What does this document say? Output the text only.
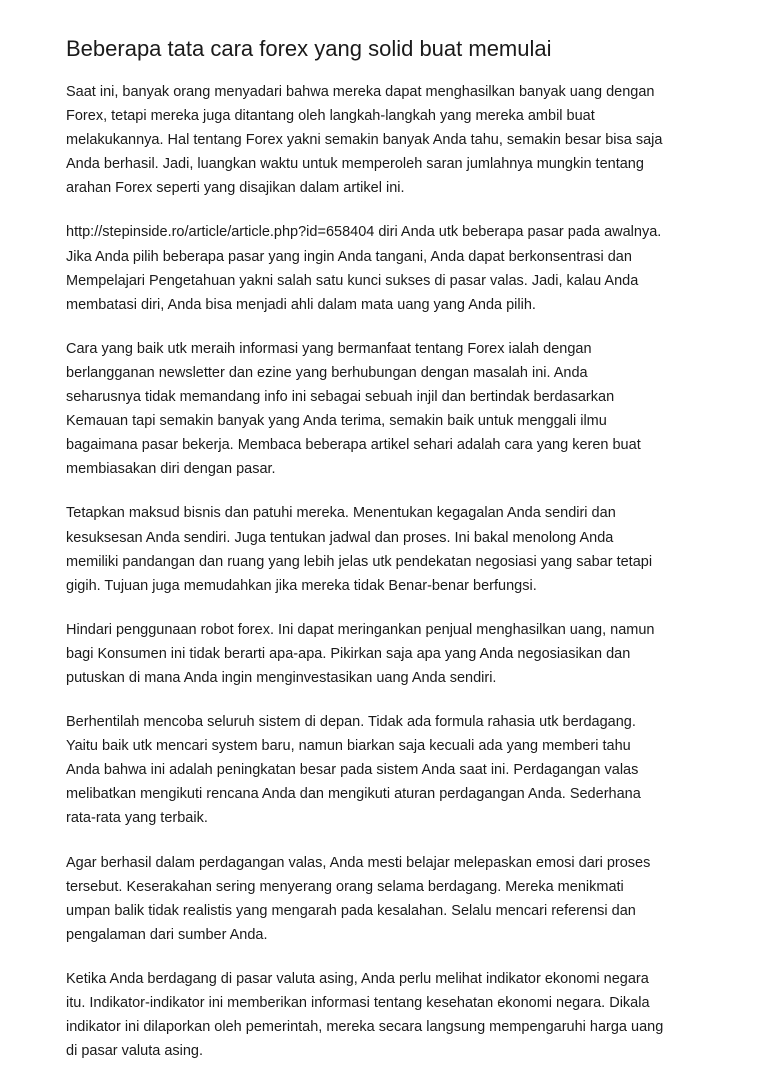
Beberapa tata cara forex yang solid buat memulai

Saat ini, banyak orang menyadari bahwa mereka dapat menghasilkan banyak uang dengan
Forex, tetapi mereka juga ditantang oleh langkah-langkah yang mereka ambil buat
melakukannya. Hal tentang Forex yakni semakin banyak Anda tahu, semakin besar bisa saja
Anda berhasil. Jadi, luangkan waktu untuk memperoleh saran jumlahnya mungkin tentang
arahan Forex seperti yang disajikan dalam artikel ini.

http://stepinside.ro/article/article.php?id=658404 diri Anda utk beberapa pasar pada awalnya.
Jika Anda pilih beberapa pasar yang ingin Anda tangani, Anda dapat berkonsentrasi dan
Mempelajari Pengetahuan yakni salah satu kunci sukses di pasar valas. Jadi, kalau Anda
membatasi diri, Anda bisa menjadi ahli dalam mata uang yang Anda pilih.

Cara yang baik utk meraih informasi yang bermanfaat tentang Forex ialah dengan
berlangganan newsletter dan ezine yang berhubungan dengan masalah ini. Anda
seharusnya tidak memandang info ini sebagai sebuah injil dan bertindak berdasarkan
Kemauan tapi semakin banyak yang Anda terima, semakin baik untuk menggali ilmu
bagaimana pasar bekerja. Membaca beberapa artikel sehari adalah cara yang keren buat
membiasakan diri dengan pasar.

Tetapkan maksud bisnis dan patuhi mereka. Menentukan kegagalan Anda sendiri dan
kesuksesan Anda sendiri. Juga tentukan jadwal dan proses. Ini bakal menolong Anda
memiliki pandangan dan ruang yang lebih jelas utk pendekatan negosiasi yang sabar tetapi
gigih. Tujuan juga memudahkan jika mereka tidak Benar-benar berfungsi.

Hindari penggunaan robot forex. Ini dapat meringankan penjual menghasilkan uang, namun
bagi Konsumen ini tidak berarti apa-apa. Pikirkan saja apa yang Anda negosiasikan dan
putuskan di mana Anda ingin menginvestasikan uang Anda sendiri.

Berhentilah mencoba seluruh sistem di depan. Tidak ada formula rahasia utk berdagang.
Yaitu baik utk mencari system baru, namun biarkan saja kecuali ada yang memberi tahu
Anda bahwa ini adalah peningkatan besar pada sistem Anda saat ini. Perdagangan valas
melibatkan mengikuti rencana Anda dan mengikuti aturan perdagangan Anda. Sederhana
rata-rata yang terbaik.

Agar berhasil dalam perdagangan valas, Anda mesti belajar melepaskan emosi dari proses
tersebut. Keserakahan sering menyerang orang selama berdagang. Mereka menikmati
umpan balik tidak realistis yang mengarah pada kesalahan. Selalu mencari referensi dan
pengalaman dari sumber Anda.

Ketika Anda berdagang di pasar valuta asing, Anda perlu melihat indikator ekonomi negara
itu. Indikator-indikator ini memberikan informasi tentang kesehatan ekonomi negara. Dikala
indikator ini dilaporkan oleh pemerintah, mereka secara langsung mempengaruhi harga uang
di pasar valuta asing.
